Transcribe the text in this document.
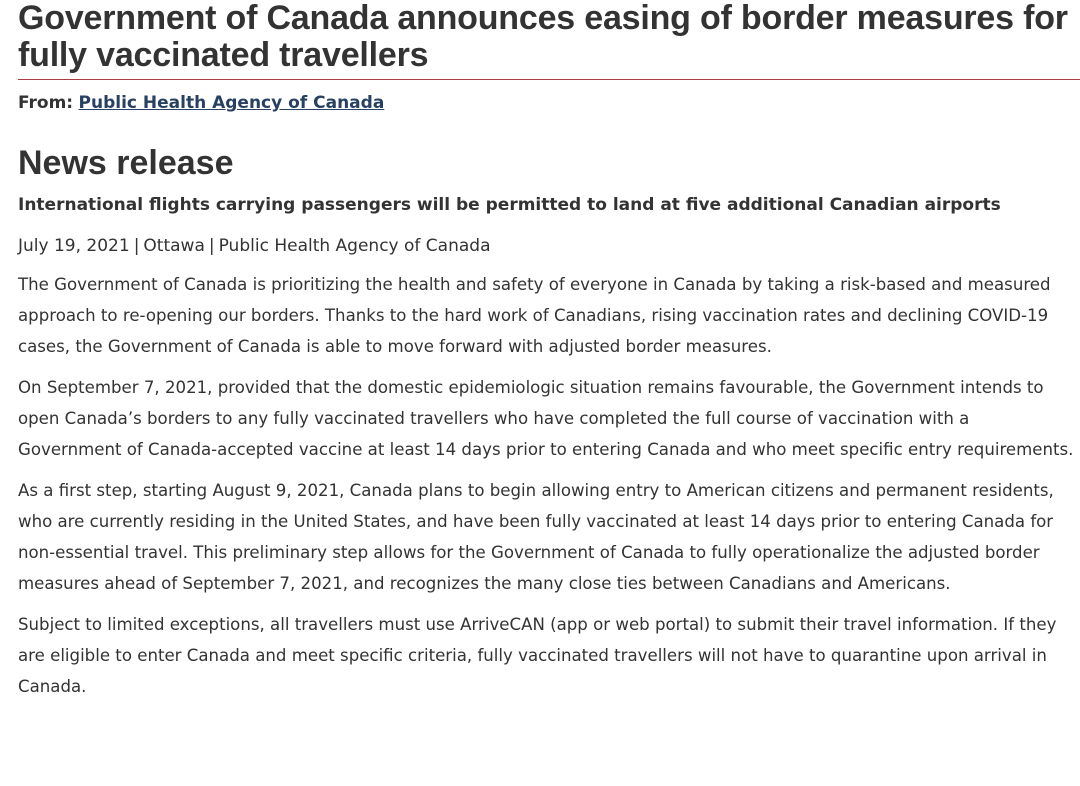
Government of Canada announces easing of border measures for fully vaccinated travellers
From: Public Health Agency of Canada
News release
International flights carrying passengers will be permitted to land at five additional Canadian airports
July 19, 2021 | Ottawa | Public Health Agency of Canada

The Government of Canada is prioritizing the health and safety of everyone in Canada by taking a risk-based and measured approach to re-opening our borders. Thanks to the hard work of Canadians, rising vaccination rates and declining COVID-19 cases, the Government of Canada is able to move forward with adjusted border measures.

On September 7, 2021, provided that the domestic epidemiologic situation remains favourable, the Government intends to open Canada’s borders to any fully vaccinated travellers who have completed the full course of vaccination with a Government of Canada-accepted vaccine at least 14 days prior to entering Canada and who meet specific entry requirements.

As a first step, starting August 9, 2021, Canada plans to begin allowing entry to American citizens and permanent residents, who are currently residing in the United States, and have been fully vaccinated at least 14 days prior to entering Canada for non-essential travel. This preliminary step allows for the Government of Canada to fully operationalize the adjusted border measures ahead of September 7, 2021, and recognizes the many close ties between Canadians and Americans.

Subject to limited exceptions, all travellers must use ArriveCAN (app or web portal) to submit their travel information. If they are eligible to enter Canada and meet specific criteria, fully vaccinated travellers will not have to quarantine upon arrival in Canada.
